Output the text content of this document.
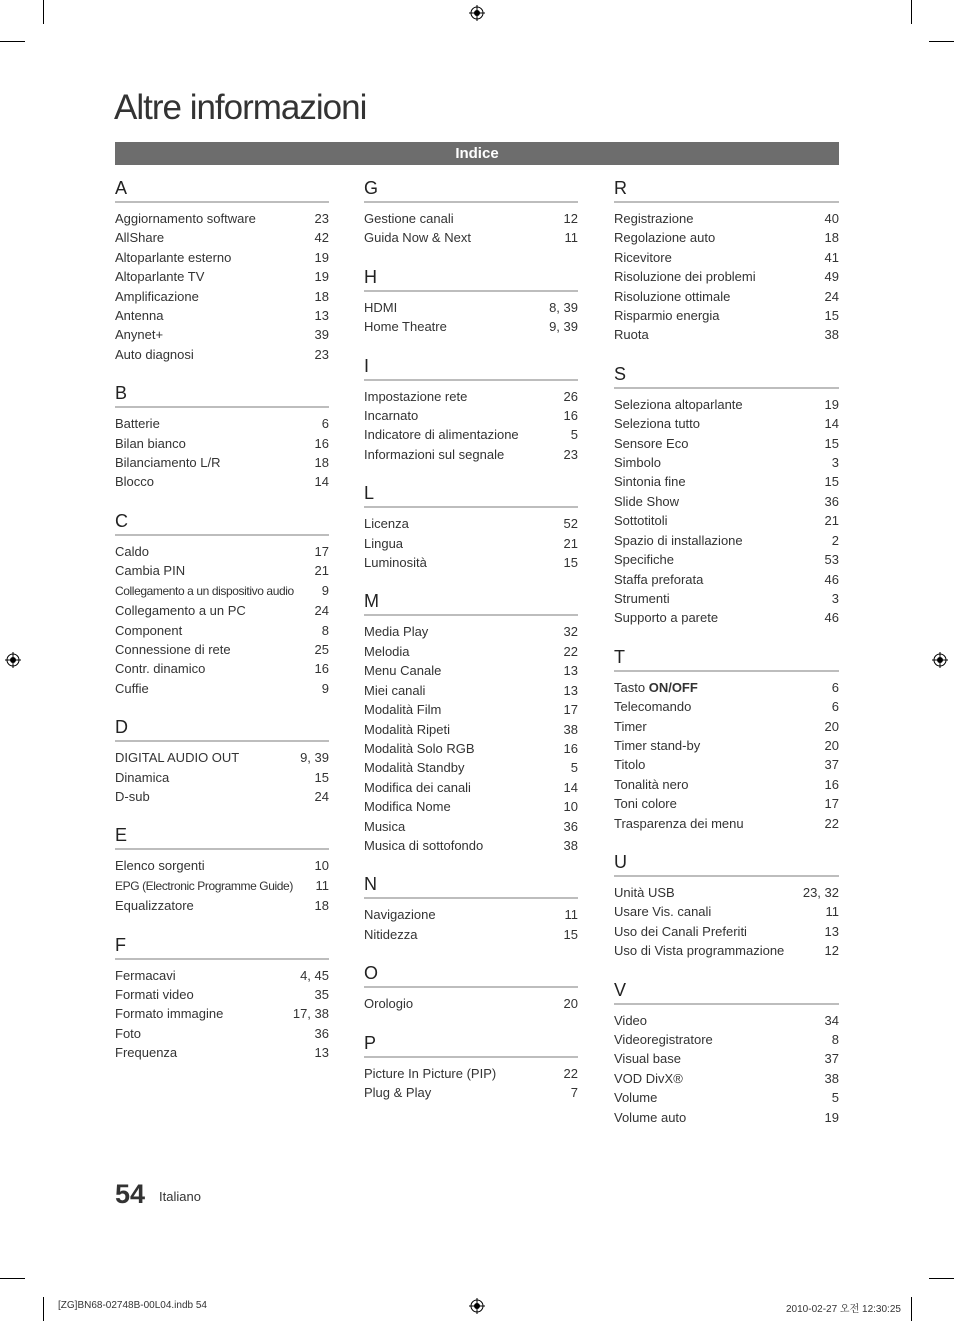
Altre informazioni
Indice
A
Aggiornamento software	23
AllShare	42
Altoparlante esterno	19
Altoparlante TV	19
Amplificazione	18
Antenna	13
Anynet+	39
Auto diagnosi	23
B
Batterie	6
Bilan bianco	16
Bilanciamento L/R	18
Blocco	14
C
Caldo	17
Cambia PIN	21
Collegamento a un dispositivo audio	9
Collegamento a un PC	24
Component	8
Connessione di rete	25
Contr. dinamico	16
Cuffie	9
D
DIGITAL AUDIO OUT	9, 39
Dinamica	15
D-sub	24
E
Elenco sorgenti	10
EPG (Electronic Programme Guide)	11
Equalizzatore	18
F
Fermacavi	4, 45
Formati video	35
Formato immagine	17, 38
Foto	36
Frequenza	13
G
Gestione canali	12
Guida Now & Next	11
H
HDMI	8, 39
Home Theatre	9, 39
I
Impostazione rete	26
Incarnato	16
Indicatore di alimentazione	5
Informazioni sul segnale	23
L
Licenza	52
Lingua	21
Luminosità	15
M
Media Play	32
Melodia	22
Menu Canale	13
Miei canali	13
Modalità Film	17
Modalità Ripeti	38
Modalità Solo RGB	16
Modalità Standby	5
Modifica dei canali	14
Modifica Nome	10
Musica	36
Musica di sottofondo	38
N
Navigazione	11
Nitidezza	15
O
Orologio	20
P
Picture In Picture (PIP)	22
Plug & Play	7
R
Registrazione	40
Regolazione auto	18
Ricevitore	41
Risoluzione dei problemi	49
Risoluzione ottimale	24
Risparmio energia	15
Ruota	38
S
Seleziona altoparlante	19
Seleziona tutto	14
Sensore Eco	15
Simbolo	3
Sintonia fine	15
Slide Show	36
Sottotitoli	21
Spazio di installazione	2
Specifiche	53
Staffa preforata	46
Strumenti	3
Supporto a parete	46
T
Tasto ON/OFF	6
Telecomando	6
Timer	20
Timer stand-by	20
Titolo	37
Tonalità nero	16
Toni colore	17
Trasparenza dei menu	22
U
Unità USB	23, 32
Usare Vis. canali	11
Uso dei Canali Preferiti	13
Uso di Vista programmazione	12
V
Video	34
Videoregistratore	8
Visual base	37
VOD DivX®	38
Volume	5
Volume auto	19
54 Italiano
[ZG]BN68-02748B-00L04.indb 54	2010-02-27 오전 12:30:25
